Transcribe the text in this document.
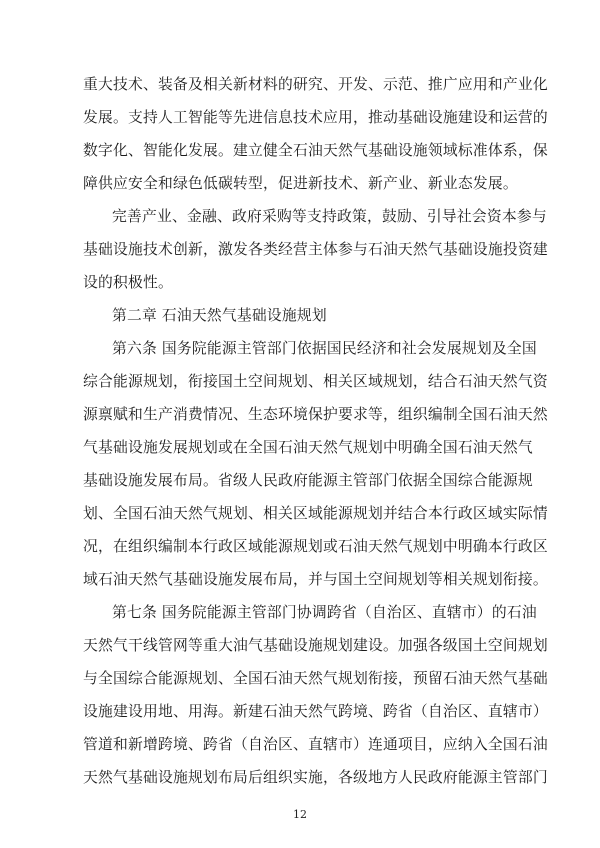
重大技术、装备及相关新材料的研究、开发、示范、推广应用和产业化
发展。支持人工智能等先进信息技术应用，推动基础设施建设和运营的
数字化、智能化发展。建立健全石油天然气基础设施领域标准体系，保
障供应安全和绿色低碳转型，促进新技术、新产业、新业态发展。
完善产业、金融、政府采购等支持政策，鼓励、引导社会资本参与
基础设施技术创新，激发各类经营主体参与石油天然气基础设施投资建
设的积极性。
第二章 石油天然气基础设施规划
第六条 国务院能源主管部门依据国民经济和社会发展规划及全国
综合能源规划，衔接国土空间规划、相关区域规划，结合石油天然气资
源禀赋和生产消费情况、生态环境保护要求等，组织编制全国石油天然
气基础设施发展规划或在全国石油天然气规划中明确全国石油天然气
基础设施发展布局。省级人民政府能源主管部门依据全国综合能源规
划、全国石油天然气规划、相关区域能源规划并结合本行政区域实际情
况，在组织编制本行政区域能源规划或石油天然气规划中明确本行政区
域石油天然气基础设施发展布局，并与国土空间规划等相关规划衔接。
第七条 国务院能源主管部门协调跨省（自治区、直辖市）的石油
天然气干线管网等重大油气基础设施规划建设。加强各级国土空间规划
与全国综合能源规划、全国石油天然气规划衔接，预留石油天然气基础
设施建设用地、用海。新建石油天然气跨境、跨省（自治区、直辖市）
管道和新增跨境、跨省（自治区、直辖市）连通项目，应纳入全国石油
天然气基础设施规划布局后组织实施，各级地方人民政府能源主管部门
12
